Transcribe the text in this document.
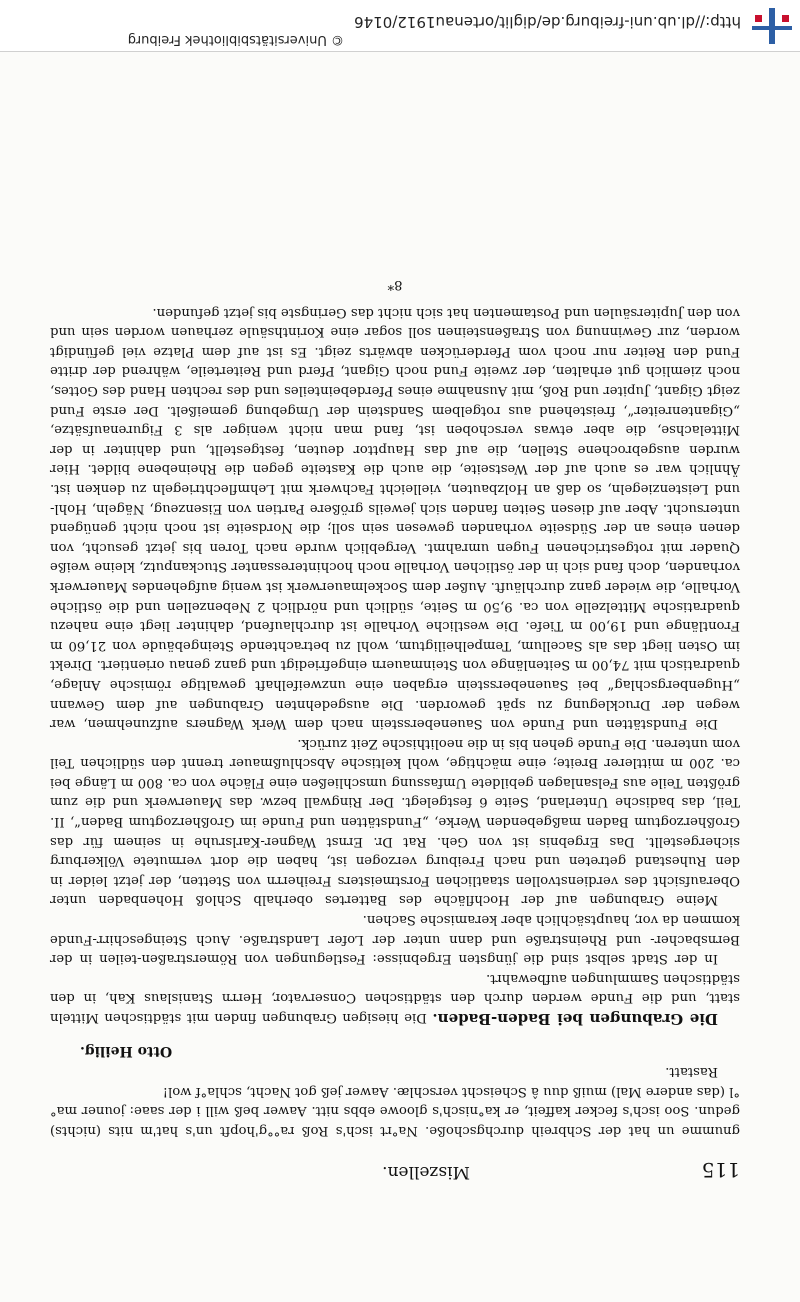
115
Miszellen.

gnumme un hat der Schbreih durchgschoße. Na°rt isch's Roß ra°°g'hopft un's hat'm nits (nichts) gedun. Soo isch's fecker kaffeit, er ka°nisch's gloowe ebbs nitt. Aawer beß will i der saae: jouner ma°°l (das andere Mal) muiß duu â Scheischt verschlæ. Aawer jeß got Nacht, schla°f wol!

Rastatt.

Otto Heilig.

Die Grabungen bei Baden-Baden. Die hiesigen Grabungen finden mit städtischen Mitteln statt, und die Funde werden durch den städtischen Conservator, Herrn Stanislaus Kah, in den städtischen Sammlungen aufbewahrt.

In der Stadt selbst sind die jüngsten Ergebnisse: Festlegungen von Römerstraßen-teilen in der Bernsbacher- und Rheinstraße und dann unter der Lofer Landstraße. Auch Steingeschirr-Funde kommen da vor, hauptsächlich aber keramische Sachen.

Meine Grabungen auf der Hochfläche des Battertes oberhalb Schloß Hohenbaden unter Oberaufsicht des verdienstvollen staatlichen Forstmeisters Freiherrn von Stetten, der jetzt leider in den Ruhestand getreten und nach Freiburg verzogen ist, haben die dort vermutete Völkerburg sichergestellt. Das Ergebnis ist von Geh. Rat Dr. Ernst Wagner-Karlsruhe in seinem für das Großherzogtum Baden maßgebenden Werke, „Fundstätten und Funde im Großherzogtum Baden“, II. Teil, das badische Unterland, Seite 6 festgelegt. Der Ringwall bezw. das Mauerwerk und die zum größten Teile aus Felsanlagen gebildete Umfassung umschließen eine Fläche von ca. 800 m Länge bei ca. 200 m mittlerer Breite; eine mächtige, wohl keltische Abschlußmauer trennt den südlichen Teil vom unteren. Die Funde gehen bis in die neolithische Zeit zurück.

Die Fundstätten und Funde von Sauenebersstein nach dem Werk Wagners aufzunehmen, war wegen der Drucklegung zu spät geworden. Die ausgedehnten Grabungen auf dem Gewann „Hugenbergschlag“ bei Sauenebersstein ergaben eine unzweifelhaft gewaltige römische Anlage, quadratisch mit 74,00 m Seitenlänge von Steinmauern eingefriedigt und ganz genau orientiert. Direkt im Osten liegt das als Sacellum, Tempelheiligtum, wohl zu betrachtende Steingebäude von 21,60 m Frontlänge und 19,00 m Tiefe. Die westliche Vorhalle ist durchlaufend, dahinter liegt eine nahezu quadratische Mittelzelle von ca. 9,50 m Seite, südlich und nördlich 2 Nebenzellen und die östliche Vorhalle, die wieder ganz durchläuft. Außer dem Sockelmauerwerk ist wenig aufgehendes Mauerwerk vorhanden, doch fand sich in der östlichen Vorhalle noch hochinteressanter Stuckanputz, kleine weiße Quader mit rotgestrichenen Fugen umrahmt. Vergeblich wurde nach Toren bis jetzt gesucht, von denen eines an der Südseite vorhanden gewesen sein soll; die Nordseite ist noch nicht genügend untersucht. Aber auf diesen Seiten fanden sich jeweils größere Partien von Eisenzeug, Nägeln, Hohl- und Leistenziegeln, so daß an Holzbauten, vielleicht Fachwerk mit Lehmflechtriegeln zu denken ist. Ähnlich war es auch auf der Westseite, die auch die Kasteite gegen die Rheinebene bildet. Hier wurden ausgebrochene Stellen, die auf das Haupttor deuten, festgestellt, und dahinter in der Mittelachse, die aber etwas verschoben ist, fand man nicht weniger als 3 Figurenaufsätze, „Gigantenreiter“, freistehend aus rotgelbem Sandstein der Umgebung gemeißelt. Der erste Fund zeigt Gigant, Jupiter und Roß, mit Ausnahme eines Pferdebeinteiles und des rechten Hand des Gottes, noch ziemlich gut erhalten, der zweite Fund noch Gigant, Pferd und Reiterteile, während der dritte Fund den Reiter nur noch vom Pferderücken abwärts zeigt. Es ist auf dem Platze viel gefündigt worden, zur Gewinnung von Straßensteinen soll sogar eine Korinthsäule zerhauen worden sein und von den Jupitersäulen und Postamenten hat sich nicht das Geringste bis jetzt gefunden.

8*
© Universitätsbibliothek Freiburg
http://dl.ub.uni-freiburg.de/diglit/ortenau1912/0146
